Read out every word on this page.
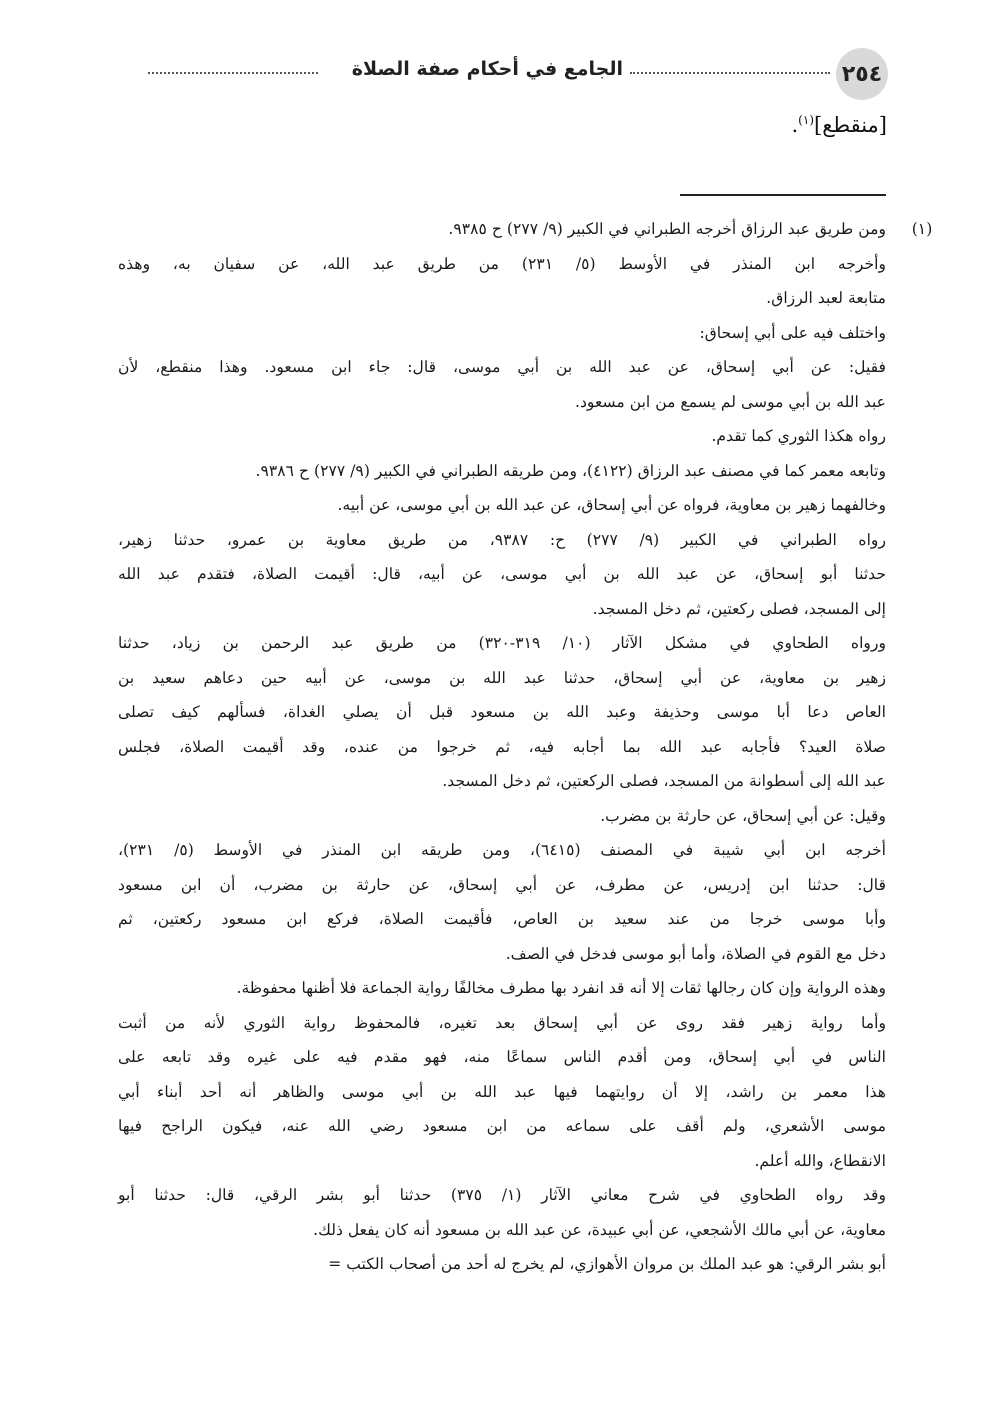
٢٥٤
الجامع في أحكام صفة الصلاة
[منقطع]$^{(١)}$.
(١)
ومن طريق عبد الرزاق أخرجه الطبراني في الكبير (٩/ ٢٧٧) ح ٩٣٨٥.
وأخرجه ابن المنذر في الأوسط (٥/ ٢٣١) من طريق عبد الله، عن سفيان به، وهذه
متابعة لعبد الرزاق.
واختلف فيه على أبي إسحاق:
فقيل: عن أبي إسحاق، عن عبد الله بن أبي موسى، قال: جاء ابن مسعود. وهذا منقطع، لأن
عبد الله بن أبي موسى لم يسمع من ابن مسعود.
رواه هكذا الثوري كما تقدم.
وتابعه معمر كما في مصنف عبد الرزاق (٤١٢٢)، ومن طريقه الطبراني في الكبير (٩/ ٢٧٧) ح ٩٣٨٦.
وخالفهما زهير بن معاوية، فرواه عن أبي إسحاق، عن عبد الله بن أبي موسى، عن أبيه.
رواه الطبراني في الكبير (٩/ ٢٧٧) ح: ٩٣٨٧، من طريق معاوية بن عمرو، حدثنا زهير،
حدثنا أبو إسحاق، عن عبد الله بن أبي موسى، عن أبيه، قال: أقيمت الصلاة، فتقدم عبد الله
إلى المسجد، فصلى ركعتين، ثم دخل المسجد.
ورواه الطحاوي في مشكل الآثار (١٠/ ٣١٩-٣٢٠) من طريق عبد الرحمن بن زياد، حدثنا
زهير بن معاوية، عن أبي إسحاق، حدثنا عبد الله بن موسى، عن أبيه حين دعاهم سعيد بن
العاص دعا أبا موسى وحذيفة وعبد الله بن مسعود قبل أن يصلي الغداة، فسألهم كيف تصلى
صلاة العيد؟ فأجابه عبد الله بما أجابه فيه، ثم خرجوا من عنده، وقد أقيمت الصلاة، فجلس
عبد الله إلى أسطوانة من المسجد، فصلى الركعتين، ثم دخل المسجد.
وقيل: عن أبي إسحاق، عن حارثة بن مضرب.
أخرجه ابن أبي شيبة في المصنف (٦٤١٥)، ومن طريقه ابن المنذر في الأوسط (٥/ ٢٣١)،
قال: حدثنا ابن إدريس، عن مطرف، عن أبي إسحاق، عن حارثة بن مضرب، أن ابن مسعود
وأبا موسى خرجا من عند سعيد بن العاص، فأقيمت الصلاة، فركع ابن مسعود ركعتين، ثم
دخل مع القوم في الصلاة، وأما أبو موسى فدخل في الصف.
وهذه الرواية وإن كان رجالها ثقات إلا أنه قد انفرد بها مطرف مخالفًا رواية الجماعة فلا أظنها محفوظة.
وأما رواية زهير فقد روى عن أبي إسحاق بعد تغيره، فالمحفوظ رواية الثوري لأنه من أثبت
الناس في أبي إسحاق، ومن أقدم الناس سماعًا منه، فهو مقدم فيه على غيره وقد تابعه على
هذا معمر بن راشد، إلا أن روايتهما فيها عبد الله بن أبي موسى والظاهر أنه أحد أبناء أبي
موسى الأشعري، ولم أقف على سماعه من ابن مسعود رضي الله عنه، فيكون الراجح فيها
الانقطاع، والله أعلم.
وقد رواه الطحاوي في شرح معاني الآثار (١/ ٣٧٥) حدثنا أبو بشر الرقي، قال: حدثنا أبو
معاوية، عن أبي مالك الأشجعي، عن أبي عبيدة، عن عبد الله بن مسعود أنه كان يفعل ذلك.
أبو بشر الرقي: هو عبد الملك بن مروان الأهوازي، لم يخرج له أحد من أصحاب الكتب =
